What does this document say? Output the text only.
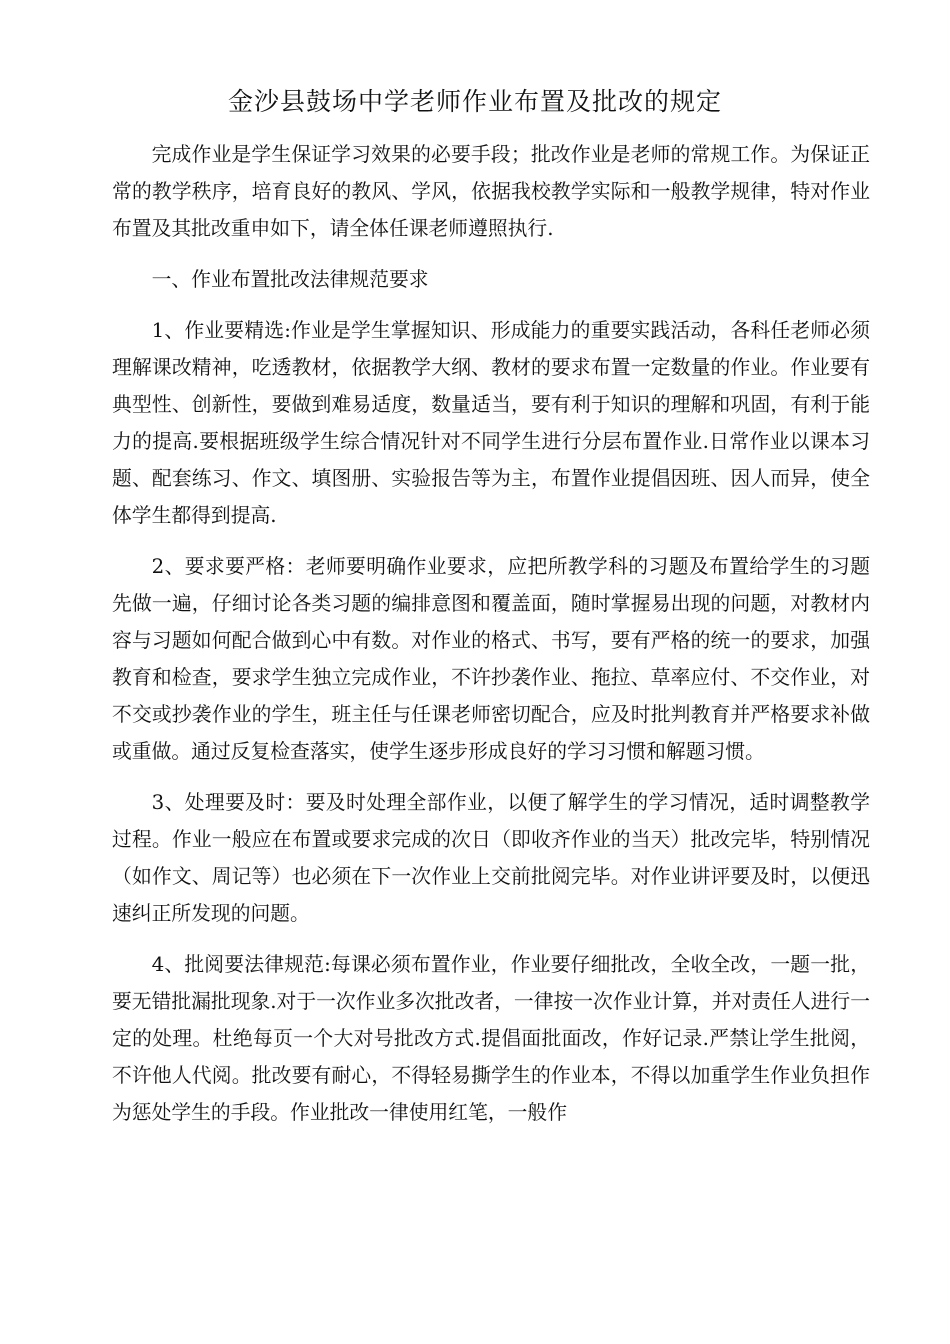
金沙县鼓场中学老师作业布置及批改的规定

完成作业是学生保证学习效果的必要手段；批改作业是老师的常规工作。为保证正常的教学秩序，培育良好的教风、学风，依据我校教学实际和一般教学规律，特对作业布置及其批改重申如下，请全体任课老师遵照执行.

一、作业布置批改法律规范要求

1、作业要精选:作业是学生掌握知识、形成能力的重要实践活动，各科任老师必须理解课改精神，吃透教材，依据教学大纲、教材的要求布置一定数量的作业。作业要有典型性、创新性，要做到难易适度，数量适当，要有利于知识的理解和巩固，有利于能力的提高.要根据班级学生综合情况针对不同学生进行分层布置作业.日常作业以课本习题、配套练习、作文、填图册、实验报告等为主，布置作业提倡因班、因人而异，使全体学生都得到提高.

2、要求要严格：老师要明确作业要求，应把所教学科的习题及布置给学生的习题先做一遍，仔细讨论各类习题的编排意图和覆盖面，随时掌握易出现的问题，对教材内容与习题如何配合做到心中有数。对作业的格式、书写，要有严格的统一的要求，加强教育和检查，要求学生独立完成作业，不许抄袭作业、拖拉、草率应付、不交作业，对不交或抄袭作业的学生，班主任与任课老师密切配合，应及时批判教育并严格要求补做或重做。通过反复检查落实，使学生逐步形成良好的学习习惯和解题习惯。

3、处理要及时：要及时处理全部作业，以便了解学生的学习情况，适时调整教学过程。作业一般应在布置或要求完成的次日（即收齐作业的当天）批改完毕，特别情况（如作文、周记等）也必须在下一次作业上交前批阅完毕。对作业讲评要及时，以便迅速纠正所发现的问题。

4、批阅要法律规范:每课必须布置作业，作业要仔细批改，全收全改，一题一批，要无错批漏批现象.对于一次作业多次批改者，一律按一次作业计算，并对责任人进行一定的处理。杜绝每页一个大对号批改方式.提倡面批面改，作好记录.严禁让学生批阅，不许他人代阅。批改要有耐心，不得轻易撕学生的作业本，不得以加重学生作业负担作为惩处学生的手段。作业批改一律使用红笔，一般作
